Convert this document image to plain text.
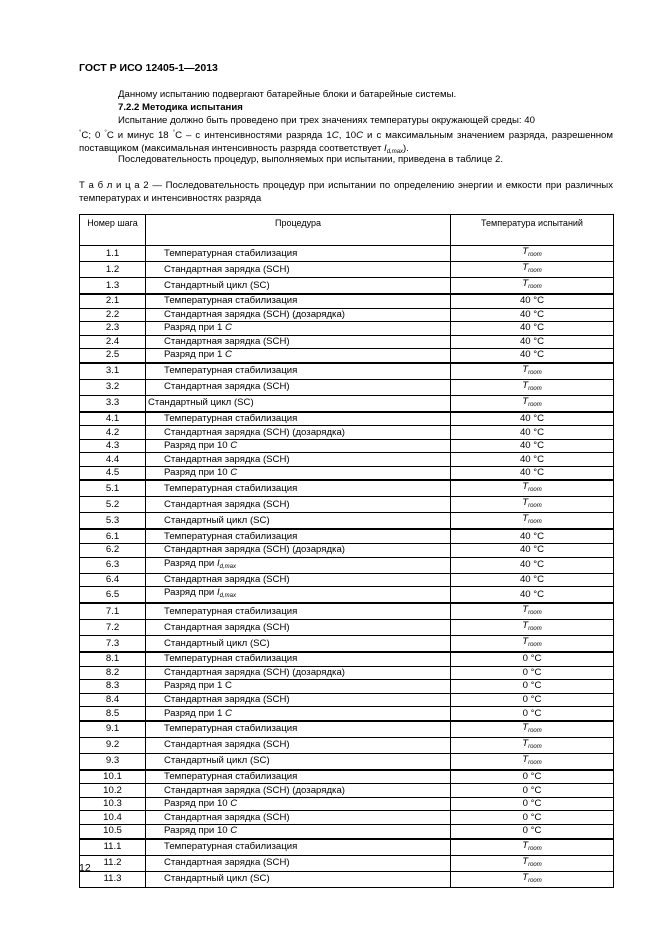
ГОСТ Р ИСО 12405-1—2013
Данному испытанию подвергают батарейные блоки и батарейные системы.
7.2.2 Методика испытания
Испытание должно быть проведено при трех значениях температуры окружающей среды: 40
°С; 0 °С и минус 18 °С – с интенсивностями разряда 1С, 10С и с максимальным значением разряда, разрешенном поставщиком (максимальная интенсивность разряда соответствует $I_{d,max}$).
Последовательность процедур, выполняемых при испытании, приведена в таблице 2.
Т а б л и ц а 2 — Последовательность процедур при испытании по определению энергии и емкости при различных температурах и интенсивностях разряда
Номер шага	Процедура	Температура испытаний
1.1	Температурная стабилизация	$T_{room}$
1.2	Стандартная зарядка (SCH)	$T_{room}$
1.3	Стандартный цикл (SC)	$T_{room}$
2.1	Температурная стабилизация	40 °C
2.2	Стандартная зарядка (SCH) (дозарядка)	40 °C
2.3	Разряд при 1 C	40 °C
2.4	Стандартная зарядка (SCH)	40 °C
2.5	Разряд при 1 C	40 °C
3.1	Температурная стабилизация	$T_{room}$
3.2	Стандартная зарядка (SCH)	$T_{room}$
3.3	Стандартный цикл (SC)	$T_{room}$
4.1	Температурная стабилизация	40 °C
4.2	Стандартная зарядка (SCH) (дозарядка)	40 °C
4.3	Разряд при 10 C	40 °C
4.4	Стандартная зарядка (SCH)	40 °C
4.5	Разряд при 10 C	40 °C
5.1	Температурная стабилизация	$T_{room}$
5.2	Стандартная зарядка (SCH)	$T_{room}$
5.3	Стандартный цикл (SC)	$T_{room}$
6.1	Температурная стабилизация	40 °C
6.2	Стандартная зарядка (SCH) (дозарядка)	40 °C
6.3	Разряд при $I_{d,max}$	40 °C
6.4	Стандартная зарядка (SCH)	40 °C
6.5	Разряд при $I_{d,max}$	40 °C
7.1	Температурная стабилизация	$T_{room}$
7.2	Стандартная зарядка (SCH)	$T_{room}$
7.3	Стандартный цикл (SC)	$T_{room}$
8.1	Температурная стабилизация	0 °C
8.2	Стандартная зарядка (SCH) (дозарядка)	0 °C
8.3	Разряд при 1 C	0 °C
8.4	Стандартная зарядка (SCH)	0 °C
8.5	Разряд при 1 C	0 °C
9.1	Температурная стабилизация	$T_{room}$
9.2	Стандартная зарядка (SCH)	$T_{room}$
9.3	Стандартный цикл (SC)	$T_{room}$
10.1	Температурная стабилизация	0 °C
10.2	Стандартная зарядка (SCH) (дозарядка)	0 °C
10.3	Разряд при 10 C	0 °C
10.4	Стандартная зарядка (SCH)	0 °C
10.5	Разряд при 10 C	0 °C
11.1	Температурная стабилизация	$T_{room}$
11.2	Стандартная зарядка (SCH)	$T_{room}$
11.3	Стандартный цикл (SC)	$T_{room}$
12
